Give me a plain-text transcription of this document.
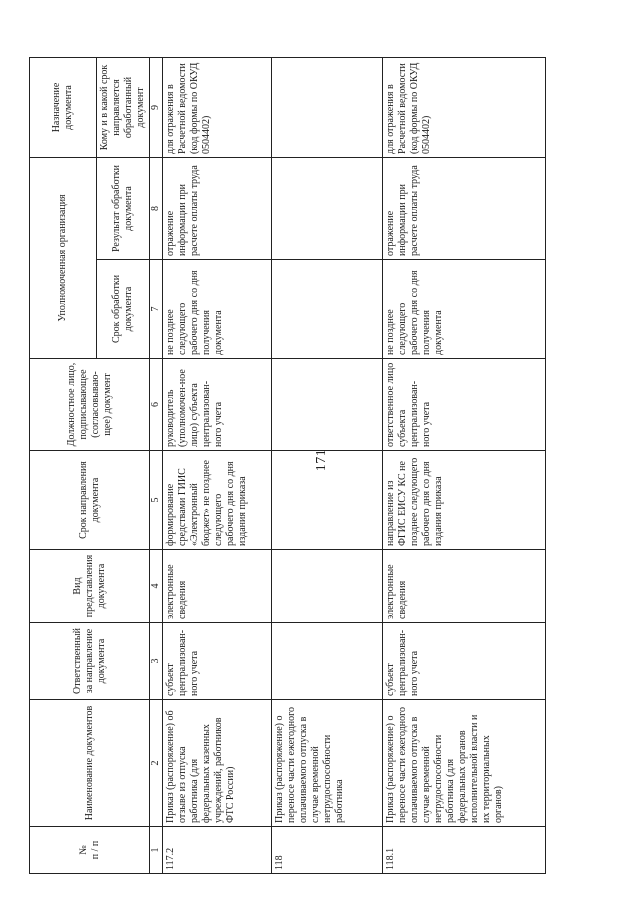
171
№
п / п	Наименование документов	Ответственный за направление документа	Вид представления документа	Срок направления документа	Должностное лицо, подписывающее (согласовываю-щее) документ	Уполномоченная организация		Назначение документа
						Срок обработки документа	Результат обработки документа	Кому и в какой срок направляется обработанный документ
1	2	3	4	5	6	7	8	9
117.2	Приказ (распоряжение) об отзыве из отпуска работника (для федеральных казенных учреждений, работников ФТС России)	субъект централизован-ного учета	электронные сведения	формирование средствами ГИИС «Электронный бюджет» не позднее следующего рабочего дня со дня издания приказа	руководитель (уполномочен-ное лицо) субъекта централизован-ного учета	не позднее следующего рабочего дня со дня получения документа	отражение информации при расчете оплаты труда	для отражения в Расчетной ведомости (код формы по ОКУД 0504402)
118	Приказ (распоряжение) о переносе части ежегодного оплачиваемого отпуска в случае временной нетрудоспособности работника							
118.1	Приказ (распоряжение) о переносе части ежегодного оплачиваемого отпуска в случае временной нетрудоспособности работника (для федеральных органов исполнительной власти и их территориальных органов)	субъект централизован-ного учета	электронные сведения	направление из ФГИС ЕИСУ КС не позднее следующего рабочего дня со дня издания приказа	ответственное лицо субъекта централизован-ного учета	не позднее следующего рабочего дня со дня получения документа	отражение информации при расчете оплаты труда	для отражения в Расчетной ведомости (код формы по ОКУД 0504402)
